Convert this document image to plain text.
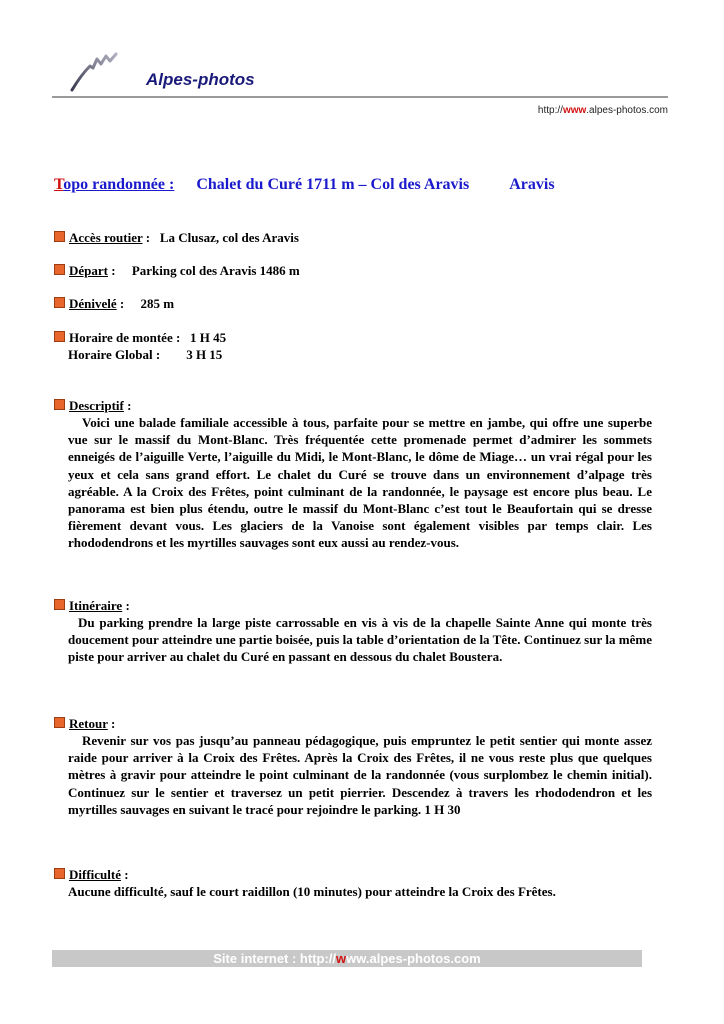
Alpes-photos
http://www.alpes-photos.com
Topo randonnée : Chalet du Curé 1711 m – Col des Aravis	Aravis
Accès routier :   La Clusaz, col des Aravis
Départ :     Parking col des Aravis 1486 m
Dénivelé :     285 m
Horaire de montée :   1 H 45
Horaire Global :        3 H 15
Descriptif :
Voici une balade familiale accessible à tous, parfaite pour se mettre en jambe, qui offre une superbe vue sur le massif du Mont-Blanc. Très fréquentée cette promenade permet d’admirer les sommets enneigés de l’aiguille Verte, l’aiguille du Midi, le Mont-Blanc, le dôme de Miage… un vrai régal pour les yeux et cela sans grand effort. Le chalet du Curé se trouve dans un environnement d’alpage très agréable. A la Croix des Frêtes, point culminant de la randonnée, le paysage est encore plus beau. Le panorama est bien plus étendu, outre le massif du Mont-Blanc c’est tout le Beaufortain qui se dresse fièrement devant vous. Les glaciers de la Vanoise sont également visibles par temps clair. Les rhododendrons et les myrtilles sauvages sont eux aussi au rendez-vous.
Itinéraire :
Du parking prendre la large piste carrossable en vis à vis de la chapelle Sainte Anne qui monte très doucement pour atteindre une partie boisée, puis la table d’orientation de la Tête. Continuez sur la même piste pour arriver au chalet du Curé en passant en dessous du chalet Boustera.
Retour :
Revenir sur vos pas jusqu’au panneau pédagogique, puis empruntez le petit sentier qui monte assez raide pour arriver à la Croix des Frêtes. Après la Croix des Frêtes, il ne vous reste plus que quelques mètres à gravir pour atteindre le point culminant de la randonnée (vous surplombez le chemin initial). Continuez sur le sentier et traversez un petit pierrier. Descendez à travers les rhododendron et les myrtilles sauvages en suivant le tracé pour rejoindre le parking. 1 H 30
Difficulté :
Aucune difficulté, sauf le court raidillon (10 minutes) pour atteindre la Croix des Frêtes.
Site internet : http://www.alpes-photos.com
